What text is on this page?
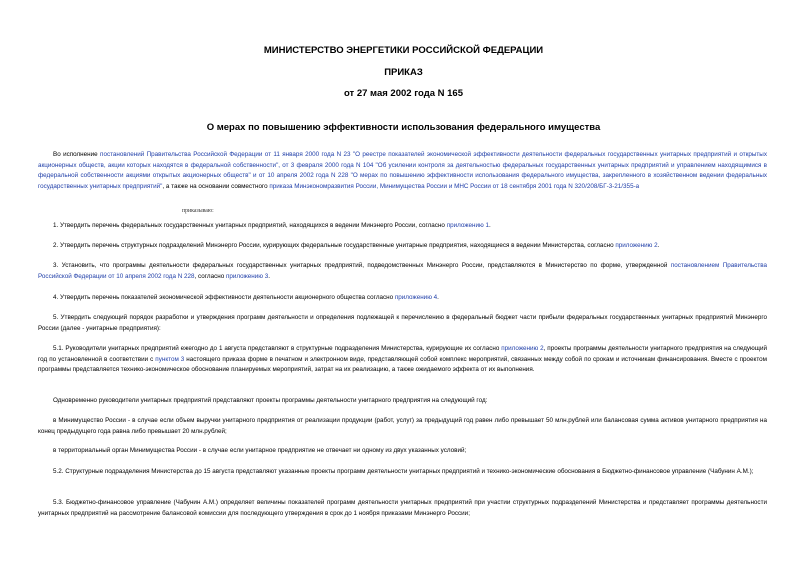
МИНИСТЕРСТВО ЭНЕРГЕТИКИ РОССИЙСКОЙ ФЕДЕРАЦИИ
ПРИКАЗ
от 27 мая 2002 года N 165
О мерах по повышению эффективности использования федерального имущества
Во исполнение постановлений Правительства Российской Федерации от 11 января 2000 года N 23 "О реестре показателей экономической эффективности деятельности федеральных государственных унитарных предприятий и открытых акционерных обществ, акции которых находятся в федеральной собственности", от 3 февраля 2000 года N 104 "Об усилении контроля за деятельностью федеральных государственных унитарных предприятий и управлением находящимися в федеральной собственности акциями открытых акционерных обществ" и от 10 апреля 2002 года N 228 "О мерах по повышению эффективности использования федерального имущества, закрепленного в хозяйственном ведении федеральных государственных унитарных предприятий", а также на основании совместного приказа Минэкономразвития России, Минимущества России и МНС России от 18 сентября 2001 года N 320/208/БГ-3-21/355-а
приказываю:
1. Утвердить перечень федеральных государственных унитарных предприятий, находящихся в ведении Минэнерго России, согласно приложению 1.
2. Утвердить перечень структурных подразделений Минэнерго России, курирующих федеральные государственные унитарные предприятия, находящиеся в ведении Министерства, согласно приложению 2.
3. Установить, что программы деятельности федеральных государственных унитарных предприятий, подведомственных Минэнерго России, представляются в Министерство по форме, утвержденной постановлением Правительства Российской Федерации от 10 апреля 2002 года N 228, согласно приложению 3.
4. Утвердить перечень показателей экономической эффективности деятельности акционерного общества согласно приложению 4.
5. Утвердить следующий порядок разработки и утверждения программ деятельности и определения подлежащей к перечислению в федеральный бюджет части прибыли федеральных государственных унитарных предприятий Минэнерго России (далее - унитарные предприятия):
5.1. Руководители унитарных предприятий ежегодно до 1 августа представляют в структурные подразделения Министерства, курирующие их согласно приложению 2, проекты программы деятельности унитарного предприятия на следующий год по установленной в соответствии с пунктом 3 настоящего приказа форме в печатном и электронном виде, представляющей собой комплекс мероприятий, связанных между собой по срокам и источникам финансирования. Вместе с проектом программы представляется технико-экономическое обоснование планируемых мероприятий, затрат на их реализацию, а также ожидаемого эффекта от их выполнения.
Одновременно руководители унитарных предприятий представляют проекты программы деятельности унитарного предприятия на следующий год:
в Минимущество России - в случае если объем выручки унитарного предприятия от реализации продукции (работ, услуг) за предыдущий год равен либо превышает 50 млн.рублей или балансовая сумма активов унитарного предприятия на конец предыдущего года равна либо превышает 20 млн.рублей;
в территориальный орган Минимущества России - в случае если унитарное предприятие не отвечает ни одному из двух указанных условий;
5.2. Структурные подразделения Министерства до 15 августа представляют указанные проекты программ деятельности унитарных предприятий и технико-экономические обоснования в Бюджетно-финансовое управление (Чабунин А.М.);
5.3. Бюджетно-финансовое управление (Чабунин А.М.) определяет величины показателей программ деятельности унитарных предприятий при участии структурных подразделений Министерства и представляет программы деятельности унитарных предприятий на рассмотрение балансовой комиссии для последующего утверждения в срок до 1 ноября приказами Минэнерго России;
